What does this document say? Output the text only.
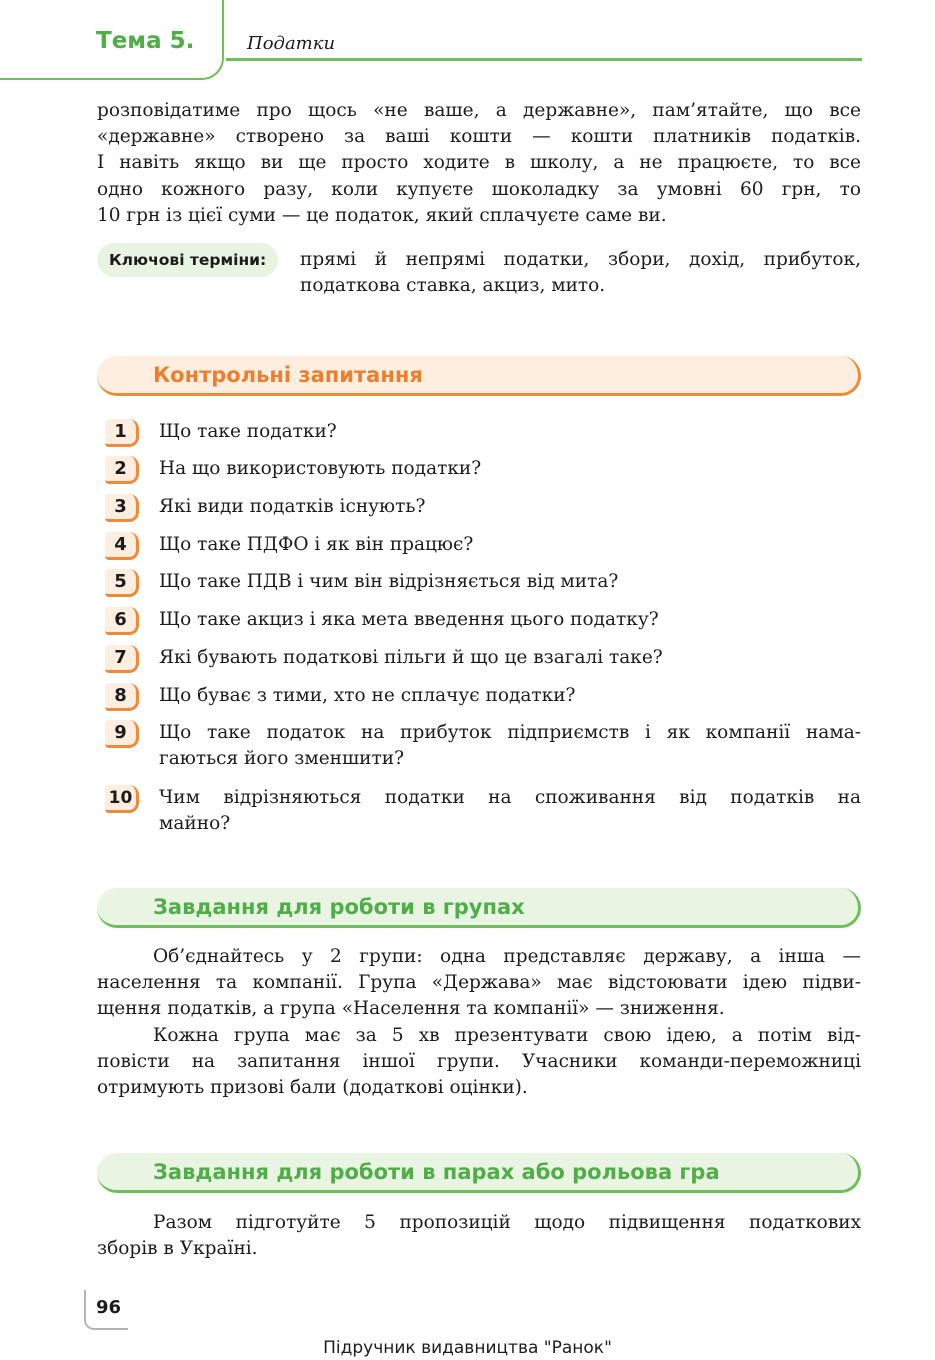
Тема 5.	Податки
розповідатиме про щось «не ваше, а державне», пам’ятайте, що все
«державне» створено за ваші кошти — кошти платників податків.
І навіть якщо ви ще просто ходите в школу, а не працюєте, то все
одно кожного разу, коли купуєте шоколадку за умовні 60 грн, то
10 грн із цієї суми — це податок, який сплачуєте саме ви.
Ключові терміни:	прямі й непрямі податки, збори, дохід, прибуток,
податкова ставка, акциз, мито.
Контрольні запитання
1	Що таке податки?
2	На що використовують податки?
3	Які види податків існують?
4	Що таке ПДФО і як він працює?
5	Що таке ПДВ і чим він відрізняється від мита?
6	Що таке акциз і яка мета введення цього податку?
7	Які бувають податкові пільги й що це взагалі таке?
8	Що буває з тими, хто не сплачує податки?
9	Що таке податок на прибуток підприємств і як компанії нама-
гаються його зменшити?
10	Чим відрізняються податки на споживання від податків на
майно?
Завдання для роботи в групах
Об’єднайтесь у 2 групи: одна представляє державу, а інша —
населення та компанії. Група «Держава» має відстоювати ідею підви-
щення податків, а група «Населення та компанії» — зниження.
Кожна група має за 5 хв презентувати свою ідею, а потім від-
повісти на запитання іншої групи. Учасники команди-переможниці
отримують призові бали (додаткові оцінки).
Завдання для роботи в парах або рольова гра
Разом підготуйте 5 пропозицій щодо підвищення податкових
зборів в Україні.
96
Підручник видавництва "Ранок"
